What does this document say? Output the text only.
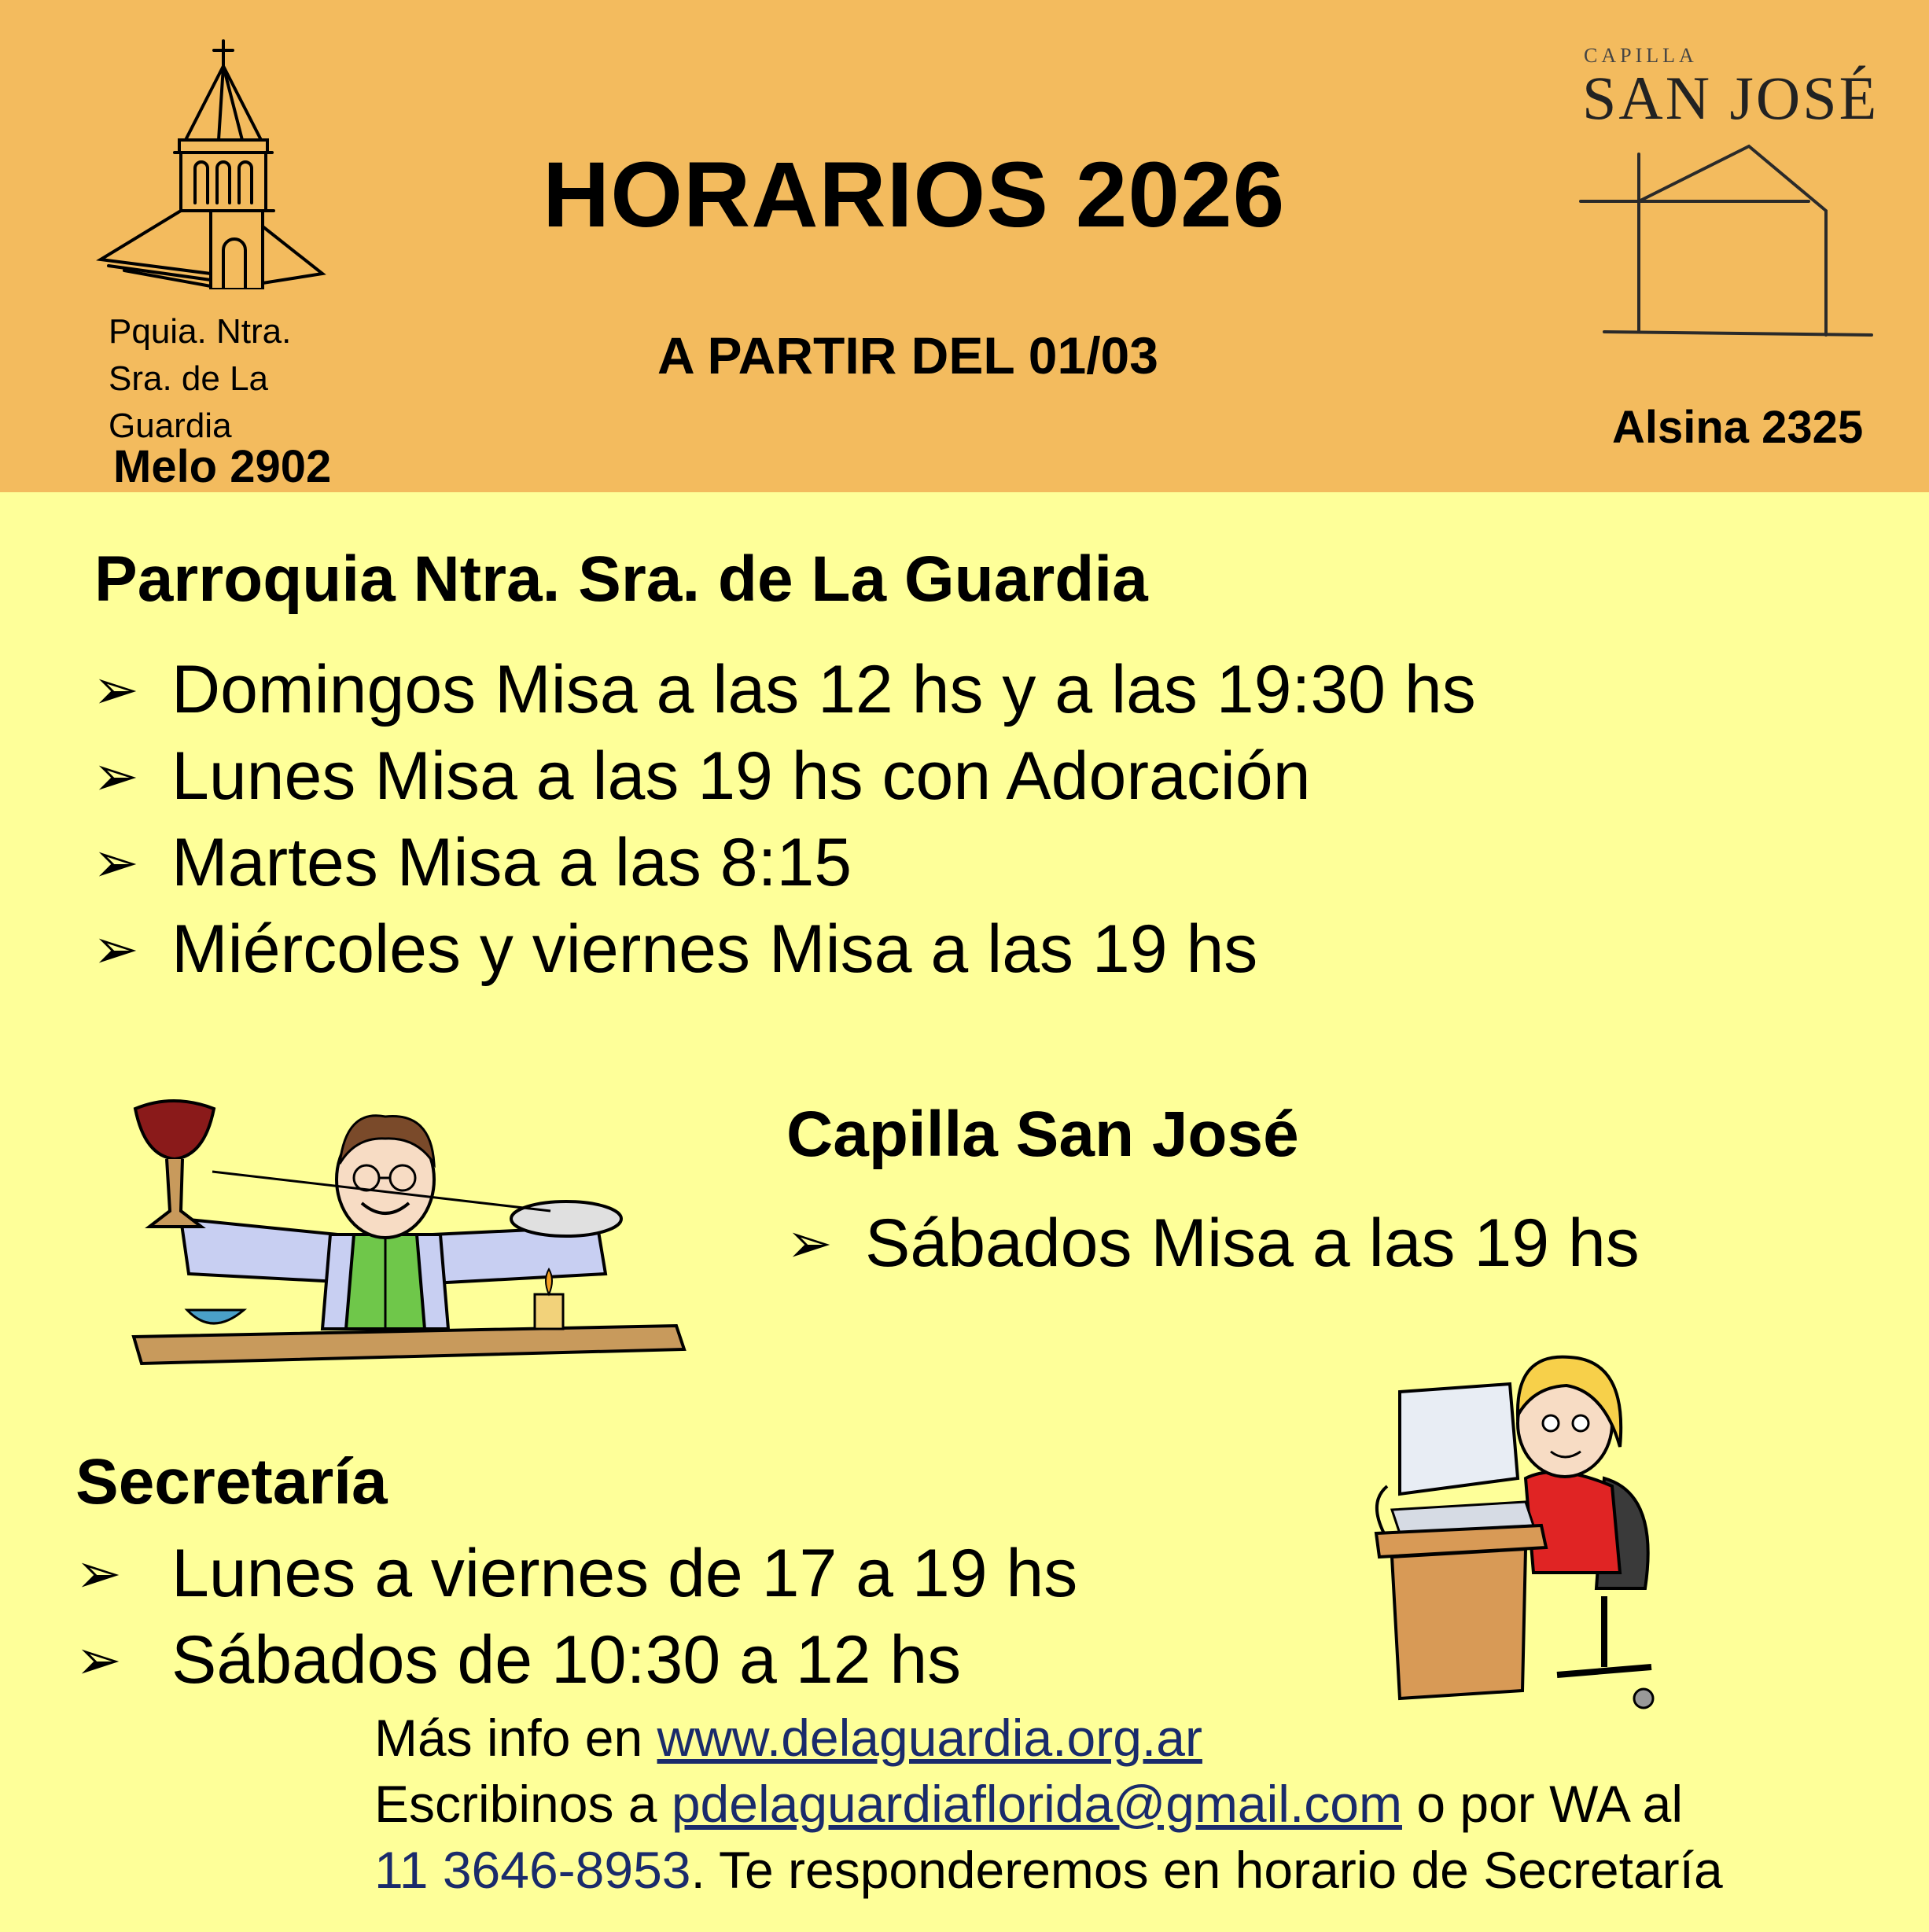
HORARIOS 2026

A PARTIR DEL 01/03

Pquia. Ntra. Sra. de La Guardia

Melo 2902

Alsina 2325

CAPILLA

SAN JOSÉ

Parroquia Ntra. Sra. de La Guardia

➢ Domingos Misa a las 12 hs y a las 19:30 hs
➢ Lunes Misa a las 19 hs con Adoración
➢ Martes Misa a las 8:15
➢ Miércoles y viernes Misa a las 19 hs

Capilla San José

➢ Sábados Misa a las 19 hs

Secretaría

➢ Lunes a viernes de 17 a 19 hs
➢ Sábados de 10:30 a 12 hs
Más info en www.delaguardia.org.ar
Escribinos a pdelaguardiaflorida@gmail.com o por WA al
11 3646-8953. Te responderemos en horario de Secretaría
